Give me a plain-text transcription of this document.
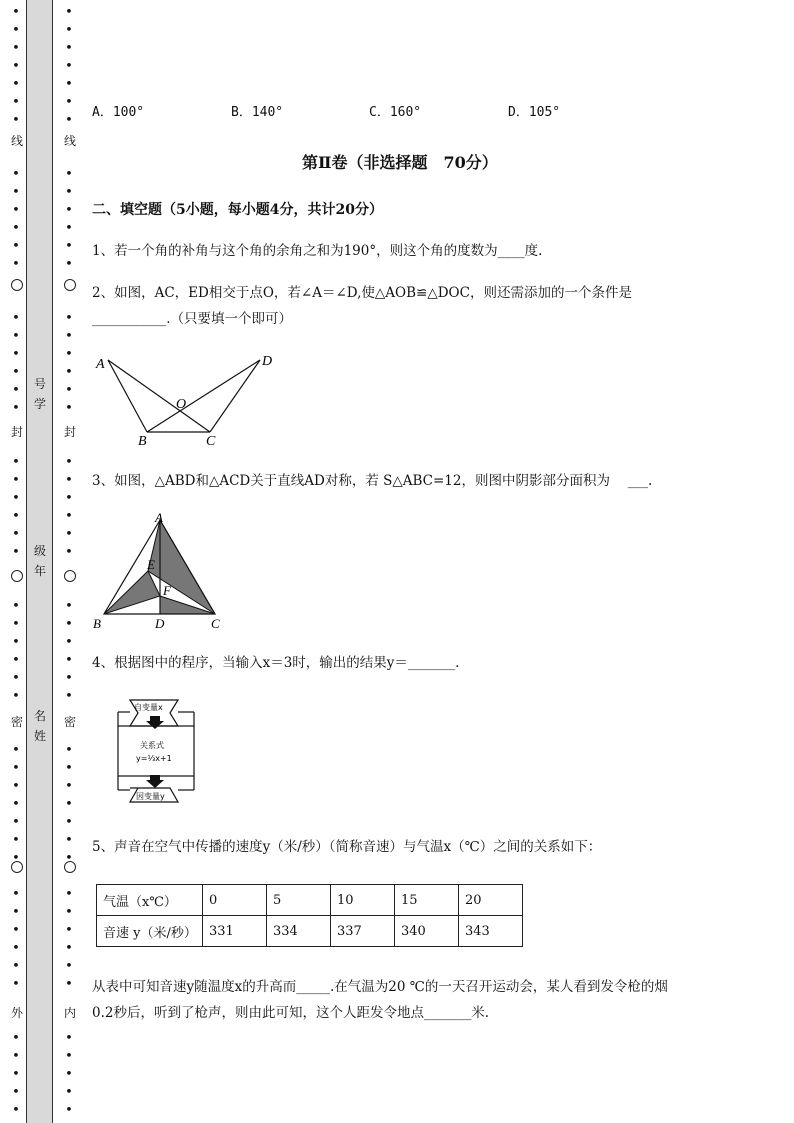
号
学
级
年
名
姓
线
封
密
外
线
封
密
内
•
•
•
•
•
•
•
•
•
•
•
•
•
•
•
•
•
•
•
•
•
•
•
•
•
•
•
•
•
•
•
•
•
•
•
•
•
•
•
•
•
•
•
•
•
•
•
•
•
•
•
•
•
•
•
•
•
•
•
•
•
•
•
•
•
•
•
•
•
•
•
•
•
•
•
•
•
•
•
•
•
•
•
•
•
•
•
•
•
•
•
•
•
•
•
•
•
•
A．100°	B．140°	C．160°	D．105°
第Ⅱ卷（非选择题　70分）
二、填空题（5小题，每小题4分，共计20分）
1、若一个角的补角与这个角的余角之和为190°，则这个角的度数为____度.
2、如图，AC，ED相交于点O，若∠A＝∠D,使△AOB≌△DOC，则还需添加的一个条件是
___________.（只要填一个即可）
3、如图，△ABD和△ACD关于直线AD对称，若 S△ABC=12，则图中阴影部分面积为　 ___.
4、根据图中的程序，当输入x＝3时，输出的结果y＝_______.
5、声音在空气中传播的速度y（米/秒）（简称音速）与气温x（℃）之间的关系如下：
从表中可知音速y随温度x的升高而_____.在气温为20 ℃的一天召开运动会，某人看到发令枪的烟
0.2秒后，听到了枪声，则由此可知，这个人距发令地点_______米.
A	D
O
B	C
A
E
F
B	D	C
自变量x
关系式
y=⅓x+1
因变量y
气温（x℃）	0	5	10	15	20
音速 y（米/秒）	331	334	337	340	343
